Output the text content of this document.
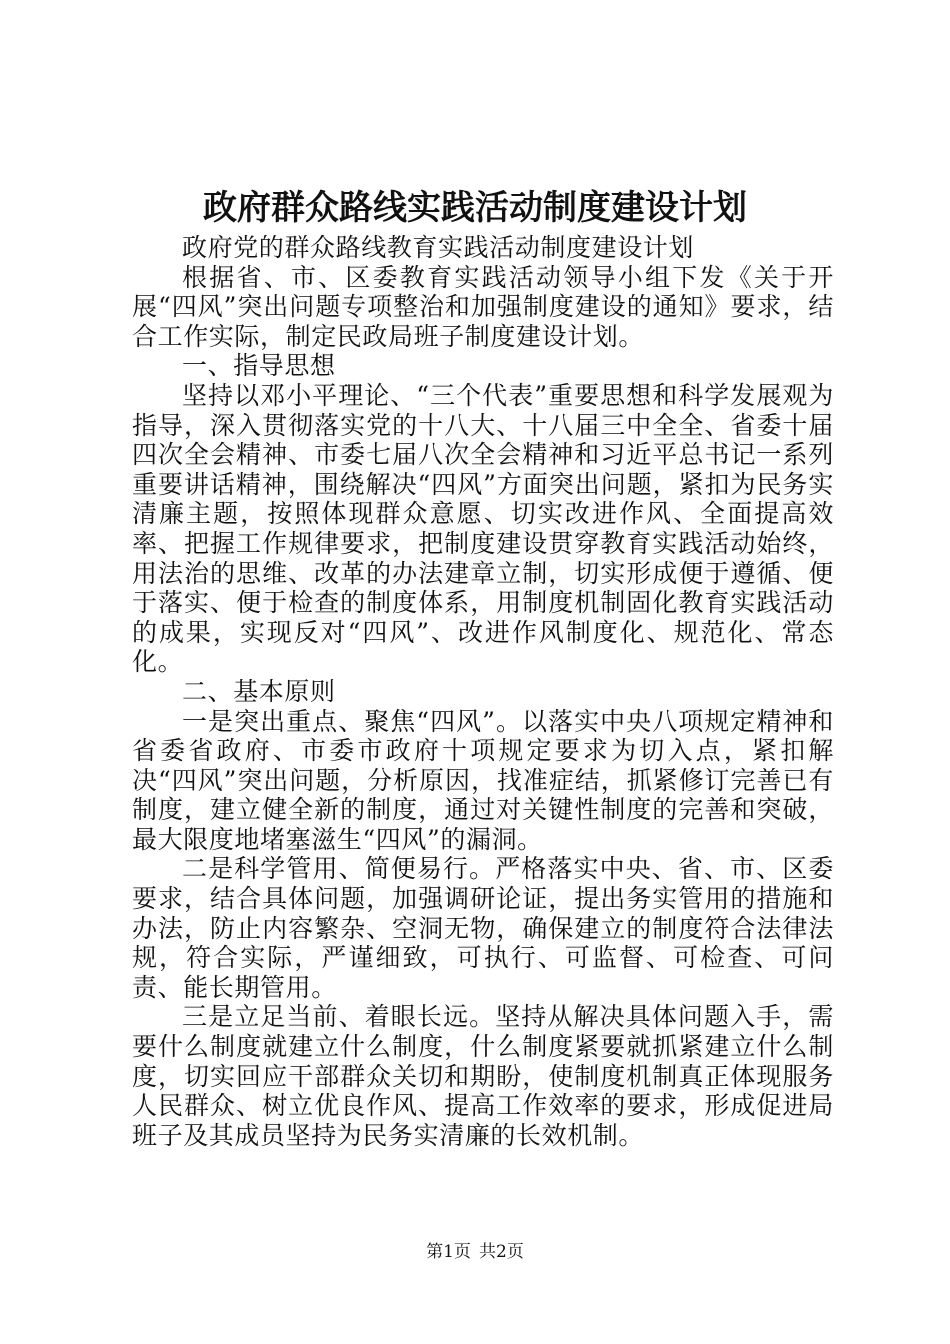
政府群众路线实践活动制度建设计划

政府党的群众路线教育实践活动制度建设计划

根据省、市、区委教育实践活动领导小组下发《关于开展“四风”突出问题专项整治和加强制度建设的通知》要求，结合工作实际，制定民政局班子制度建设计划。

一、指导思想

坚持以邓小平理论、“三个代表”重要思想和科学发展观为指导，深入贯彻落实党的十八大、十八届三中全全、省委十届四次全会精神、市委七届八次全会精神和习近平总书记一系列重要讲话精神，围绕解决“四风”方面突出问题，紧扣为民务实清廉主题，按照体现群众意愿、切实改进作风、全面提高效率、把握工作规律要求，把制度建设贯穿教育实践活动始终，用法治的思维、改革的办法建章立制，切实形成便于遵循、便于落实、便于检查的制度体系，用制度机制固化教育实践活动的成果，实现反对“四风”、改进作风制度化、规范化、常态化。

二、基本原则

一是突出重点、聚焦“四风”。以落实中央八项规定精神和省委省政府、市委市政府十项规定要求为切入点，紧扣解决“四风”突出问题，分析原因，找准症结，抓紧修订完善已有制度，建立健全新的制度，通过对关键性制度的完善和突破，最大限度地堵塞滋生“四风”的漏洞。

二是科学管用、简便易行。严格落实中央、省、市、区委要求，结合具体问题，加强调研论证，提出务实管用的措施和办法，防止内容繁杂、空洞无物，确保建立的制度符合法律法规，符合实际，严谨细致，可执行、可监督、可检查、可问责、能长期管用。

三是立足当前、着眼长远。坚持从解决具体问题入手，需要什么制度就建立什么制度，什么制度紧要就抓紧建立什么制度，切实回应干部群众关切和期盼，使制度机制真正体现服务人民群众、树立优良作风、提高工作效率的要求，形成促进局班子及其成员坚持为民务实清廉的长效机制。

第1页 共2页
